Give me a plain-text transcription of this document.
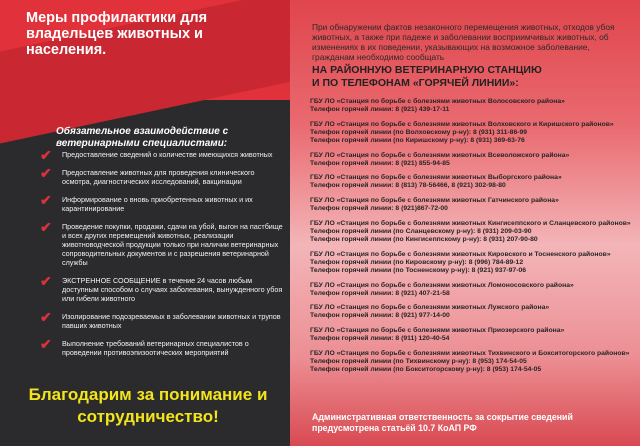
Меры профилактики для владельцев животных и населения.
Обязательное взаимодействие с ветеринарными специалистами:
✔ Предоставление сведений о количестве имеющихся животных
✔ Предоставление животных для проведения клинического осмотра, диагностических исследований, вакцинации
✔ Информирование о вновь приобретенных животных и их карантинирование
✔ Проведение покупки, продажи, сдачи на убой, выгон на пастбище и всех других перемещений животных, реализации животноводческой продукции только при наличии ветеринарных сопроводительных документов и с разрешения ветеринарной службы
✔ ЭКСТРЕННОЕ СООБЩЕНИЕ в течение 24 часов любым доступным способом о случаях заболевания, вынужденного убоя или гибели животного
✔ Изолирование подозреваемых в заболевании животных и трупов павших животных
✔ Выполнение требований ветеринарных специалистов о проведении противоэпизоотических мероприятий
Благодарим за понимание и сотрудничество!
При обнаружении фактов незаконного перемещения животных, отходов убоя животных, а также при падеже и заболевании восприимчивых животных, об изменениях в их поведении, указывающих на возможное заболевание, гражданам необходимо сообщать
НА РАЙОННУЮ ВЕТЕРИНАРНУЮ СТАНЦИЮ
И ПО ТЕЛЕФОНАМ «ГОРЯЧЕЙ ЛИНИИ»:
ГБУ ЛО «Станция по борьбе с болезнями животных Волосовского района»
Телефон горячей линии: 8 (921) 439-17-11
ГБУ ЛО «Станция по борьбе с болезнями животных Волховского и Киришского районов»
Телефон горячей линии (по Волховскому р-ну): 8 (931) 311-86-99
Телефон горячей линии (по Киришскому р-ну): 8 (931) 369-63-76
ГБУ ЛО «Станция по борьбе с болезнями животных Всеволожского района»
Телефон горячей линии: 8 (921) 855-94-85
ГБУ ЛО «Станция по борьбе с болезнями животных Выборгского района»
Телефон горячей линии: 8 (813) 78-56466, 8 (921) 302-98-80
ГБУ ЛО «Станция по борьбе с болезнями животных Гатчинского района»
Телефон горячей линии: 8 (921)867-72-00
ГБУ ЛО «Станция по борьбе с болезнями животных Кингисеппского и Сланцевского районов»
Телефон горячей линии (по Сланцевскому р-ну): 8 (931) 209-03-90
Телефон горячей линии (по Кингисеппскому р-ну): 8 (931) 207-90-80
ГБУ ЛО «Станция по борьбе с болезнями животных Кировского и Тосненского районов»
Телефон горячей линии (по Кировскому р-ну): 8 (996) 784-89-12
Телефон горячей линии (по Тосненскому р-ну): 8 (921) 937-97-06
ГБУ ЛО «Станция по борьбе с болезнями животных Ломоносовского района»
Телефон горячей линии: 8 (921) 407-21-58
ГБУ ЛО «Станция по борьбе с болезнями животных Лужского района»
Телефон горячей линии: 8 (921) 977-14-00
ГБУ ЛО «Станция по борьбе с болезнями животных Приозерского района»
Телефон горячей линии: 8 (911) 120-40-54
ГБУ ЛО «Станция по борьбе с болезнями животных Тихвинского и Бокситогорского районов»
Телефон горячей линии (по Тихвинскому р-ну): 8 (953) 174-54-05
Телефон горячей линии (по Бокситогорскому р-ну): 8 (953) 174-54-05
Административная ответственность за сокрытие сведений
предусмотрена статьёй 10.7 КоАП РФ
